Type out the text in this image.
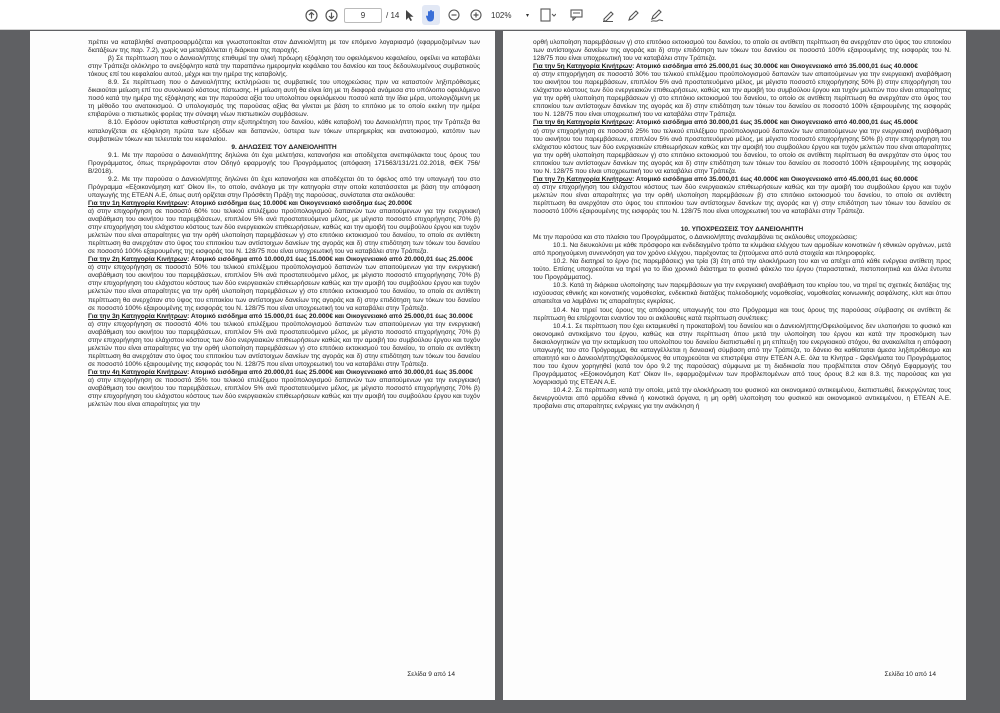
9	/ 14	102% ▾

πρέπει να καταβληθεί αναπροσαρμόζεται και γνωστοποιείται στον Δανειολήπτη με τον επόμενο λογαριασμό (εφαρμοζομένων των διατάξεων της παρ. 7.2), χωρίς να μεταβάλλεται η διάρκεια της παροχής.

β) Σε περίπτωση που ο Δανειολήπτης επιθυμεί την ολική πρόωρη εξόφληση του οφειλόμενου κεφαλαίου, οφείλει να καταβάλει στην Τράπεζα ολόκληρο το ανεξόφλητο κατά την παραπάνω ημερομηνία κεφάλαιο του δανείου και τους δεδουλευμένους συμβατικούς τόκους επί του κεφαλαίου αυτού, μέχρι και την ημέρα της καταβολής.

8.9. Σε περίπτωση που ο Δανειολήπτης εκπληρώσει τις συμβατικές του υποχρεώσεις πριν να καταστούν ληξιπρόθεσμες δικαιούται μείωση επί του συνολικού κόστους πίστωσης. Η μείωση αυτή θα είναι ίση με τη διαφορά ανάμεσα στο υπόλοιπο οφειλόμενο ποσό κατά την ημέρα της εξόφλησης και την παρούσα αξία του υπολοίπου οφειλόμενου ποσού κατά την ίδια μέρα, υπολογιζόμενη με τη μέθοδο του ανατοκισμού. Ο υπολογισμός της παρούσας αξίας θα γίνεται με βάση το επιτόκιο με το οποίο εκείνη την ημέρα επιβαρύνει ο πιστωτικός φορέας την σύναψη νέων πιστωτικών συμβάσεων.

8.10. Εφόσον υφίσταται καθυστέρηση στην εξυπηρέτηση του δανείου, κάθε καταβολή του Δανειολήπτη προς την Τράπεζα θα καταλογίζεται σε εξόφληση πρώτα των εξόδων και δαπανών, ύστερα των τόκων υπερημερίας και ανατοκισμού, κατόπιν των συμβατικών τόκων και τελευταία του κεφαλαίου.

9. ΔΗΛΩΣΕΙΣ ΤΟΥ ΔΑΝΕΙΟΛΗΠΤΗ

9.1. Με την παρούσα ο Δανειολήπτης δηλώνει ότι έχει μελετήσει, κατανοήσει και αποδέχεται ανεπιφύλακτα τους όρους του Προγράμματος, όπως περιγράφονται στον Οδηγό εφαρμογής του Προγράμματος (απόφαση 171563/131/21.02.2018, ΦΕΚ 756/Β/2018).

9.2. Με την παρούσα ο Δανειολήπτης δηλώνει ότι έχει κατανοήσει και αποδέχεται ότι το όφελος από την υπαγωγή του στο Πρόγραμμα «Εξοικονόμηση κατ' Οίκον ΙΙ», το οποίο, ανάλογα με την κατηγορία στην οποία κατατάσσεται με βάση την απόφαση υπαγωγής της ΕΤΕΑΝ Α.Ε, όπως αυτή ορίζεται στην Πρόσθετη Πράξη της παρούσας, συνίσταται στα ακόλουθα:

Για την 1η Κατηγορία Κινήτρων: Ατομικό εισόδημα έως 10.000€ και Οικογενειακό εισόδημα έως 20.000€

α) στην επιχορήγηση σε ποσοστό 60% του τελικού επιλέξιμου προϋπολογισμού δαπανών των απαιτούμενων για την ενεργειακή αναβάθμιση του ακινήτου του παρεμβάσεων, επιπλέον 5% ανά προστατευόμενο μέλος, με μέγιστο ποσοστό επιχορήγησης 70% β) στην επιχορήγηση του ελάχιστου κόστους των δύο ενεργειακών επιθεωρήσεων, καθώς και την αμοιβή του συμβούλου έργου και τυχόν μελετών που είναι απαραίτητες για την ορθή υλοποίηση παρεμβάσεων γ) στο επιτόκιο εκτοκισμού του δανείου, το οποίο σε αντίθετη περίπτωση θα ανερχόταν στο ύψος του επιτοκίου των αντίστοιχων δανείων της αγοράς και δ) στην επιδότηση των τόκων του δανείου σε ποσοστό 100% εξαιρουμένης της εισφοράς του Ν. 128/75 που είναι υποχρεωτική του να καταβάλει στην Τράπεζα.

Για την 2η Κατηγορία Κινήτρων: Ατομικό εισόδημα από 10.000,01 έως 15.000€ και Οικογενειακό από 20.000,01 έως 25.000€

α) στην επιχορήγηση σε ποσοστό 50% του τελικού επιλέξιμου προϋπολογισμού δαπανών των απαιτούμενων για την ενεργειακή αναβάθμιση του ακινήτου του παρεμβάσεων, επιπλέον 5% ανά προστατευόμενο μέλος, με μέγιστο ποσοστό επιχορήγησης 70% β) στην επιχορήγηση του ελάχιστου κόστους των δύο ενεργειακών επιθεωρήσεων καθώς και την αμοιβή του συμβούλου έργου και τυχόν μελετών που είναι απαραίτητες για την ορθή υλοποίηση παρεμβάσεων γ) στο επιτόκιο εκτοκισμού του δανείου, το οποίο σε αντίθετη περίπτωση θα ανερχόταν στο ύψος του επιτοκίου των αντίστοιχων δανείων της αγοράς και δ) στην επιδότηση των τόκων του δανείου σε ποσοστό 100% εξαιρουμένης της εισφοράς του Ν. 128/75 που είναι υποχρεωτική του να καταβάλει στην Τράπεζα.

Για την 3η Κατηγορία Κινήτρων: Ατομικό εισόδημα από 15.000,01 έως 20.000€ και Οικογενειακό από 25.000,01 έως 30.000€

α) στην επιχορήγηση σε ποσοστό 40% του τελικού επιλέξιμου προϋπολογισμού δαπανών των απαιτούμενων για την ενεργειακή αναβάθμιση του ακινήτου του παρεμβάσεων, επιπλέον 5% ανά προστατευόμενο μέλος, με μέγιστο ποσοστό επιχορήγησης 70% β) στην επιχορήγηση του ελάχιστου κόστους των δύο ενεργειακών επιθεωρήσεων καθώς και την αμοιβή του συμβούλου έργου και τυχόν μελετών που είναι απαραίτητες για την ορθή υλοποίηση παρεμβάσεων γ) στο επιτόκιο εκτοκισμού του δανείου, το οποίο σε αντίθετη περίπτωση θα ανερχόταν στο ύψος του επιτοκίου των αντίστοιχων δανείων της αγοράς και δ) στην επιδότηση των τόκων του δανείου σε ποσοστό 100% εξαιρουμένης της εισφοράς του Ν. 128/75 που είναι υποχρεωτική του να καταβάλει στην Τράπεζα.

Για την 4η Κατηγορία Κινήτρων: Ατομικό εισόδημα από 20.000,01 έως 25.000€ και Οικογενειακό από 30.000,01 έως 35.000€

α) στην επιχορήγηση σε ποσοστό 35% του τελικού επιλέξιμου προϋπολογισμού δαπανών των απαιτούμενων για την ενεργειακή αναβάθμιση του ακινήτου του παρεμβάσεων, επιπλέον 5% ανά προστατευόμενο μέλος, με μέγιστο ποσοστό επιχορήγησης 70% β) στην επιχορήγηση του ελάχιστου κόστους των δύο ενεργειακών επιθεωρήσεων καθώς και την αμοιβή του συμβούλου έργου και τυχόν μελετών που είναι απαραίτητες για την

Σελίδα 9 από 14

ορθή υλοποίηση παρεμβάσεων γ) στο επιτόκιο εκτοκισμού του δανείου, το οποίο σε αντίθετη περίπτωση θα ανερχόταν στο ύψος του επιτοκίου των αντίστοιχων δανείων της αγοράς και δ) στην επιδότηση των τόκων του δανείου σε ποσοστό 100% εξαιρουμένης της εισφοράς του Ν. 128/75 που είναι υποχρεωτική του να καταβάλει στην Τράπεζα.

Για την 5η Κατηγορία Κινήτρων: Ατομικό εισόδημα από 25.000,01 έως 30.000€ και Οικογενειακό από 35.000,01 έως 40.000€

α) στην επιχορήγηση σε ποσοστό 30% του τελικού επιλέξιμου προϋπολογισμού δαπανών των απαιτούμενων για την ενεργειακή αναβάθμιση του ακινήτου του παρεμβάσεων, επιπλέον 5% ανά προστατευόμενο μέλος, με μέγιστο ποσοστό επιχορήγησης 50% β) στην επιχορήγηση του ελάχιστου κόστους των δύο ενεργειακών επιθεωρήσεων, καθώς και την αμοιβή του συμβούλου έργου και τυχόν μελετών που είναι απαραίτητες για την ορθή υλοποίηση παρεμβάσεων γ) στο επιτόκιο εκτοκισμού του δανείου, το οποίο σε αντίθετη περίπτωση θα ανερχόταν στο ύψος του επιτοκίου των αντίστοιχων δανείων της αγοράς και δ) στην επιδότηση των τόκων του δανείου σε ποσοστό 100% εξαιρουμένης της εισφοράς του Ν. 128/75 που είναι υποχρεωτική του να καταβάλει στην Τράπεζα.

Για την 6η Κατηγορία Κινήτρων: Ατομικό εισόδημα από 30.000,01 έως 35.000€ και Οικογενειακό από 40.000,01 έως 45.000€

α) στην επιχορήγηση σε ποσοστό 25% του τελικού επιλέξιμου προϋπολογισμού δαπανών των απαιτούμενων για την ενεργειακή αναβάθμιση του ακινήτου του παρεμβάσεων, επιπλέον 5% ανά προστατευόμενο μέλος, με μέγιστο ποσοστό επιχορήγησης 50% β) στην επιχορήγηση του ελάχιστου κόστους των δύο ενεργειακών επιθεωρήσεων καθώς και την αμοιβή του συμβούλου έργου και τυχόν μελετών που είναι απαραίτητες για την ορθή υλοποίηση παρεμβάσεων γ) στο επιτόκιο εκτοκισμού του δανείου, το οποίο σε αντίθετη περίπτωση θα ανερχόταν στο ύψος του επιτοκίου των αντίστοιχων δανείων της αγοράς και δ) στην επιδότηση των τόκων του δανείου σε ποσοστό 100% εξαιρουμένης της εισφοράς του Ν. 128/75 που είναι υποχρεωτική του να καταβάλει στην Τράπεζα.

Για την 7η Κατηγορία Κινήτρων: Ατομικό εισόδημα από 35.000,01 έως 40.000€ και Οικογενειακό από 45.000,01 έως 60.000€

α) στην επιχορήγηση του ελάχιστου κόστους των δύο ενεργειακών επιθεωρήσεων καθώς και την αμοιβή του συμβούλου έργου και τυχόν μελετών που είναι απαραίτητες για την ορθή υλοποίηση παρεμβάσεων β) στο επιτόκιο εκτοκισμού του δανείου, το οποίο σε αντίθετη περίπτωση θα ανερχόταν στο ύψος του επιτοκίου των αντίστοιχων δανείων της αγοράς και γ) στην επιδότηση των τόκων του δανείου σε ποσοστό 100% εξαιρουμένης της εισφοράς του Ν. 128/75 που είναι υποχρεωτική του να καταβάλει στην Τράπεζα.

10. ΥΠΟΧΡΕΩΣΕΙΣ ΤΟΥ ΔΑΝΕΙΟΛΗΠΤΗ

Με την παρούσα και στο πλαίσιο του Προγράμματος, ο Δανειολήπτης αναλαμβάνει τις ακόλουθες υποχρεώσεις:

10.1. Να διευκολύνει με κάθε πρόσφορο και ενδεδειγμένο τρόπο τα κλιμάκια ελέγχου των αρμοδίων κοινοτικών ή εθνικών οργάνων, μετά από προηγούμενη συνεννόηση για τον χρόνο ελέγχου, παρέχοντας τα ζητούμενα από αυτά στοιχεία και πληροφορίες.

10.2. Να διατηρεί το έργο (τις παρεμβάσεις) για τρία (3) έτη από την ολοκλήρωση του και να απέχει από κάθε ενέργεια αντίθετη προς τούτο. Επίσης υποχρεούται να τηρεί για το ίδιο χρονικό διάστημα το φυσικό φάκελο του έργου (παραστατικά, πιστοποιητικά και άλλα έντυπα του Προγράμματος).

10.3. Κατά τη διάρκεια υλοποίησης των παρεμβάσεων για την ενεργειακή αναβάθμιση του κτιρίου του, να τηρεί τις σχετικές διατάξεις της ισχύουσας εθνικής και κοινοτικής νομοθεσίας, ενδεικτικά διατάξεις πολεοδομικής νομοθεσίας, νομοθεσίας κοινωνικής ασφάλισης, κλπ και όπου απαιτείται να λαμβάνει τις απαραίτητες εγκρίσεις.

10.4. Να τηρεί τους όρους της απόφασης υπαγωγής του στο Πρόγραμμα και τους όρους της παρούσας σύμβασης σε αντίθετη δε περίπτωση θα επέρχονται εναντίον του οι ακόλουθες κατά περίπτωση συνέπειες:

10.4.1. Σε περίπτωση που έχει εκταμιευθεί η προκαταβολή του δανείου και ο Δανειολήπτης/Οφειλούμενος δεν υλοποιήσει το φυσικό και οικονομικό αντικείμενο του έργου, καθώς και στην περίπτωση όπου μετά την υλοποίηση του έργου και κατά την προσκόμιση των δικαιολογητικών για την εκταμίευση του υπολοίπου του δανείου διαπιστωθεί η μη επίτευξη του ενεργειακού στόχου, θα ανακαλείται η απόφαση υπαγωγής του στο Πρόγραμμα, θα καταγγέλλεται η δανειακή σύμβαση από την Τράπεζα, το δάνειο θα καθίσταται άμεσα ληξιπρόθεσμο και απαιτητό και ο Δανειολήπτης/Οφειλούμενος θα υποχρεούται να επιστρέψει στην ΕΤΕΑΝ Α.Ε. όλα τα Κίνητρα - Ωφελήματα του Προγράμματος που του έχουν χορηγηθεί (κατά τον όρο 9.2 της παρούσας) σύμφωνα με τη διαδικασία που προβλέπεται στον Οδηγό Εφαρμογής του Προγράμματος «Εξοικονόμηση Κατ' Οίκον ΙΙ», εφαρμοζομένων των προβλεπομένων από τους όρους 8.2 και 8.3. της παρούσας και για λογαριασμό της ΕΤΕΑΝ Α.Ε.

10.4.2. Σε περίπτωση κατά την οποία, μετά την ολοκλήρωση του φυσικού και οικονομικού αντικειμένου, διαπιστωθεί, διενεργώντας τους διενεργούνται από αρμόδια εθνικά ή κοινοτικά όργανα, η μη ορθή υλοποίηση του φυσικού και οικονομικού αντικειμένου, η ΕΤΕΑΝ Α.Ε. προβαίνει στις απαραίτητες ενέργειες για την ανάκληση ή

Σελίδα 10 από 14
